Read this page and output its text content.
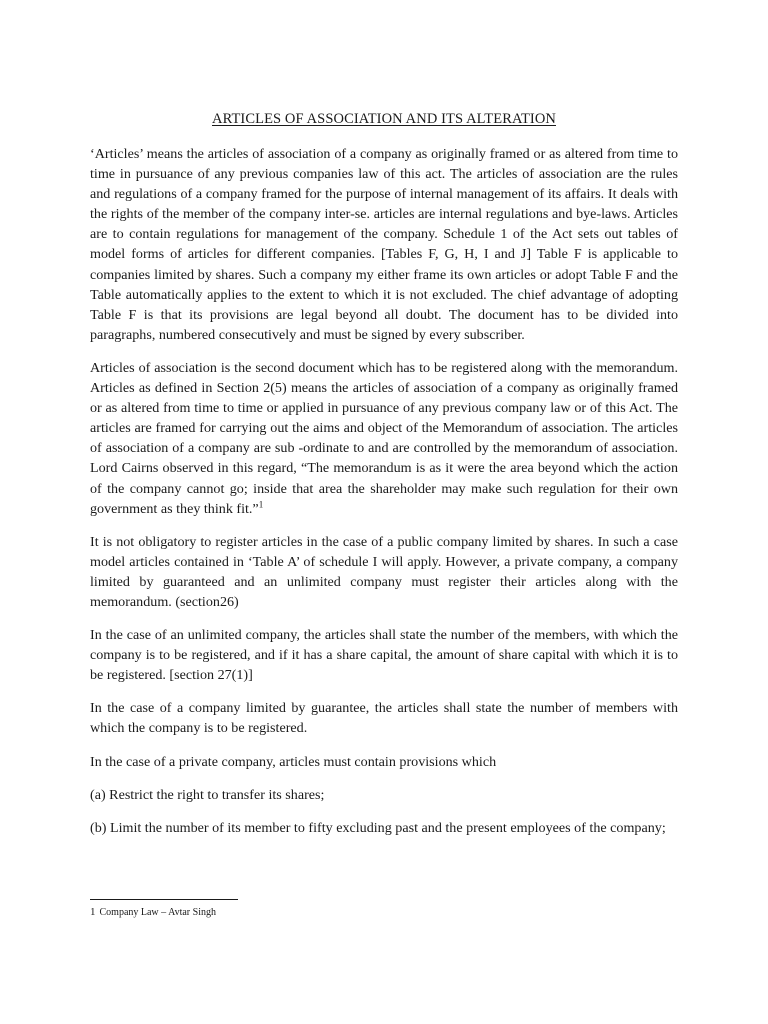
ARTICLES OF ASSOCIATION AND ITS ALTERATION

‘Articles’ means the articles of association of a company as originally framed or as altered from time to time in pursuance of any previous companies law of this act. The articles of association are the rules and regulations of a company framed for the purpose of internal management of its affairs. It deals with the rights of the member of the company inter-se. articles are internal regulations and bye-laws. Articles are to contain regulations for management of the company. Schedule 1 of the Act sets out tables of model forms of articles for different companies. [Tables F, G, H, I and J] Table F is applicable to companies limited by shares. Such a company my either frame its own articles or adopt Table F and the Table automatically applies to the extent to which it is not excluded. The chief advantage of adopting Table F is that its provisions are legal beyond all doubt. The document has to be divided into paragraphs, numbered consecutively and must be signed by every subscriber.

Articles of association is the second document which has to be registered along with the memorandum. Articles as defined in Section 2(5) means the articles of association of a company as originally framed or as altered from time to time or applied in pursuance of any previous company law or of this Act. The articles are framed for carrying out the aims and object of the Memorandum of association. The articles of association of a company are sub -ordinate to and are controlled by the memorandum of association. Lord Cairns observed in this regard, “The memorandum is as it were the area beyond which the action of the company cannot go; inside that area the shareholder may make such regulation for their own government as they think fit.”$^1$

It is not obligatory to register articles in the case of a public company limited by shares. In such a case model articles contained in ‘Table A’ of schedule I will apply. However, a private company, a company limited by guaranteed and an unlimited company must register their articles along with the memorandum. (section26)

In the case of an unlimited company, the articles shall state the number of the members, with which the company is to be registered, and if it has a share capital, the amount of share capital with which it is to be registered. [section 27(1)]

In the case of a company limited by guarantee, the articles shall state the number of members with which the company is to be registered.

In the case of a private company, articles must contain provisions which

(a) Restrict the right to transfer its shares;

(b) Limit the number of its member to fifty excluding past and the present employees of the company;

1 Company Law – Avtar Singh
